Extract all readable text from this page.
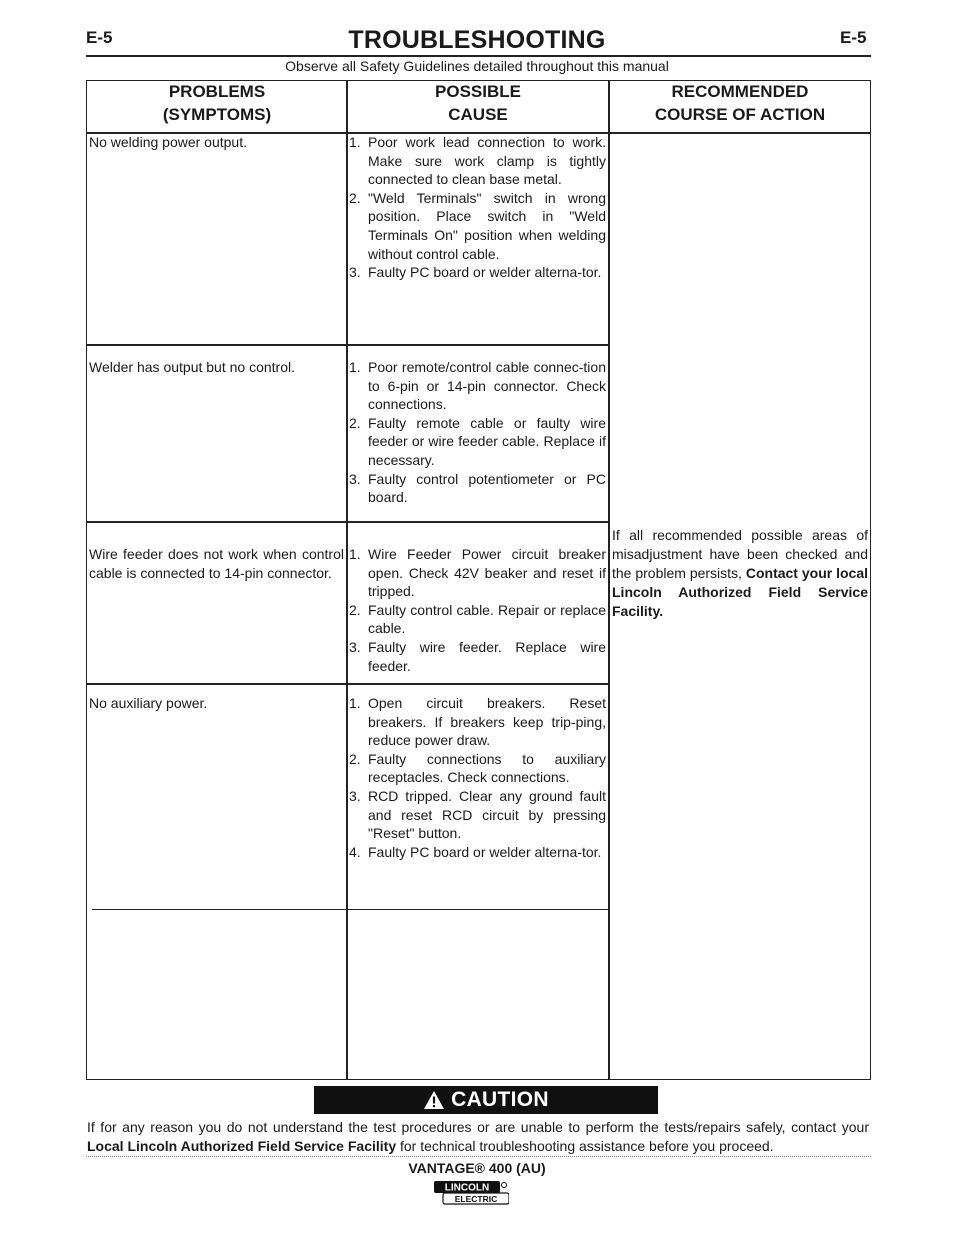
E-5	E-5
TROUBLESHOOTING
Observe all Safety Guidelines detailed throughout this manual
PROBLEMS
(SYMPTOMS)
POSSIBLE
CAUSE
RECOMMENDED
COURSE OF ACTION
No welding power output.	1. Poor work lead connection to work. Make sure work clamp is tightly connected to clean base metal.
2. "Weld Terminals" switch in wrong position. Place switch in "Weld Terminals On" position when welding without control cable.
3. Faulty PC board or welder alterna-tor.
Welder has output but no control.	1. Poor remote/control cable connec-tion to 6-pin or 14-pin connector. Check connections.
2. Faulty remote cable or faulty wire feeder or wire feeder cable. Replace if necessary.
3. Faulty control potentiometer or PC board.
Wire feeder does not work when control cable is connected to 14-pin connector.
1. Wire Feeder Power circuit breaker open. Check 42V beaker and reset if tripped.
2. Faulty control cable. Repair or replace cable.
3. Faulty wire feeder. Replace wire feeder.
No auxiliary power.	1. Open circuit breakers. Reset breakers. If breakers keep trip-ping, reduce power draw.
2. Faulty connections to auxiliary receptacles. Check connections.
3. RCD tripped. Clear any ground fault and reset RCD circuit by pressing "Reset" button.
4. Faulty PC board or welder alterna-tor.
If all recommended possible areas of misadjustment have been checked and the problem persists, Contact your local Lincoln Authorized Field Service Facility.
CAUTION
If for any reason you do not understand the test procedures or are unable to perform the tests/repairs safely, contact your Local Lincoln Authorized Field Service Facility for technical troubleshooting assistance before you proceed.
VANTAGE® 400 (AU)
LINCOLN
ELECTRIC
